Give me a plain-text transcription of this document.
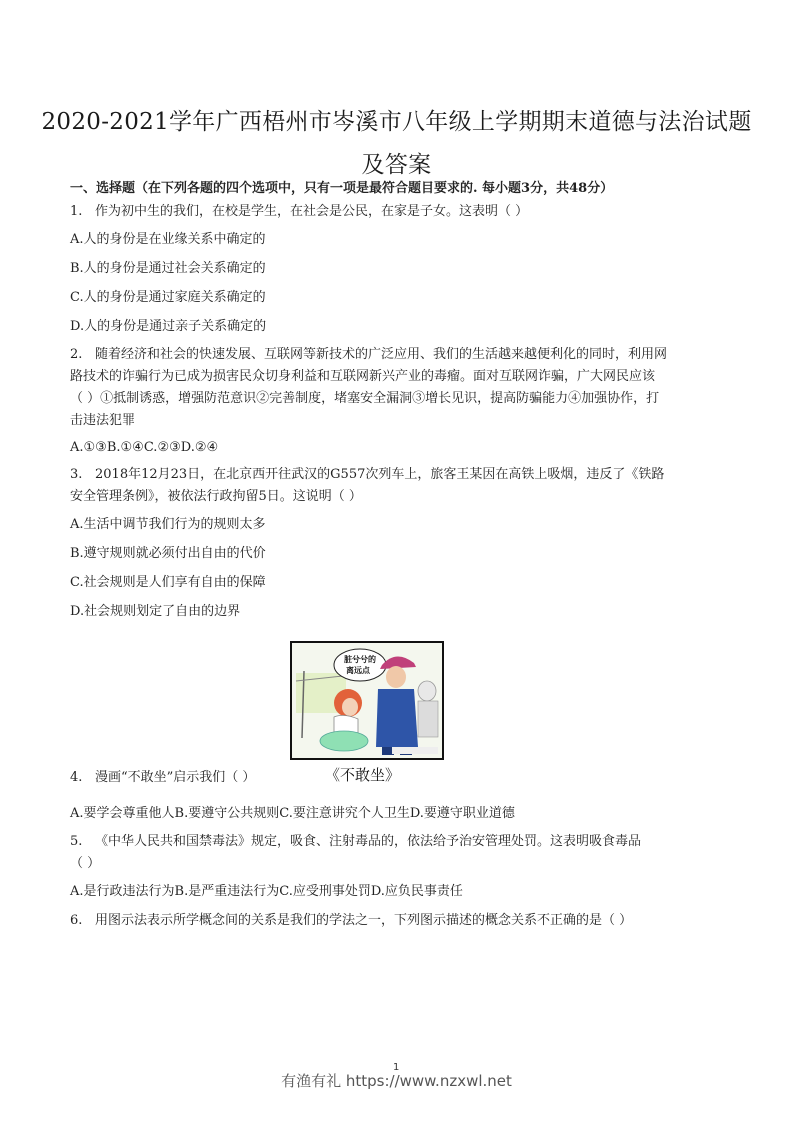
2020-2021学年广西梧州市岑溪市八年级上学期期末道德与法治试题
及答案
一、选择题（在下列各题的四个选项中，只有一项是最符合题目要求的. 每小题3分，共48分）
1. 作为初中生的我们，在校是学生，在社会是公民，在家是子女。这表明（ ）
A.人的身份是在业缘关系中确定的
B.人的身份是通过社会关系确定的
C.人的身份是通过家庭关系确定的
D.人的身份是通过亲子关系确定的
2. 随着经济和社会的快速发展、互联网等新技术的广泛应用、我们的生活越来越便利化的同时，利用网
路技术的诈骗行为已成为损害民众切身利益和互联网新兴产业的毒瘤。面对互联网诈骗，广大网民应该
（ ）①抵制诱惑，增强防范意识②完善制度，堵塞安全漏洞③增长见识，提高防骗能力④加强协作，打
击违法犯罪
A.①③B.①④C.②③D.②④
3. 2018年12月23日，在北京西开往武汉的G557次列车上，旅客王某因在高铁上吸烟，违反了《铁路
安全管理条例》，被依法行政拘留5日。这说明（ ）
A.生活中调节我们行为的规则太多
B.遵守规则就必须付出自由的代价
C.社会规则是人们享有自由的保障
D.社会规则划定了自由的边界
脏兮兮的
离远点
4. 漫画“不敢坐”启示我们（ ）	《不敢坐》
A.要学会尊重他人B.要遵守公共规则C.要注意讲究个人卫生D.要遵守职业道德
5. 《中华人民共和国禁毒法》规定，吸食、注射毒品的，依法给予治安管理处罚。这表明吸食毒品
（ ）
A.是行政违法行为B.是严重违法行为C.应受刑事处罚D.应负民事责任
6. 用图示法表示所学概念间的关系是我们的学法之一，下列图示描述的概念关系不正确的是（ ）
1
有渔有礼 https://www.nzxwl.net
